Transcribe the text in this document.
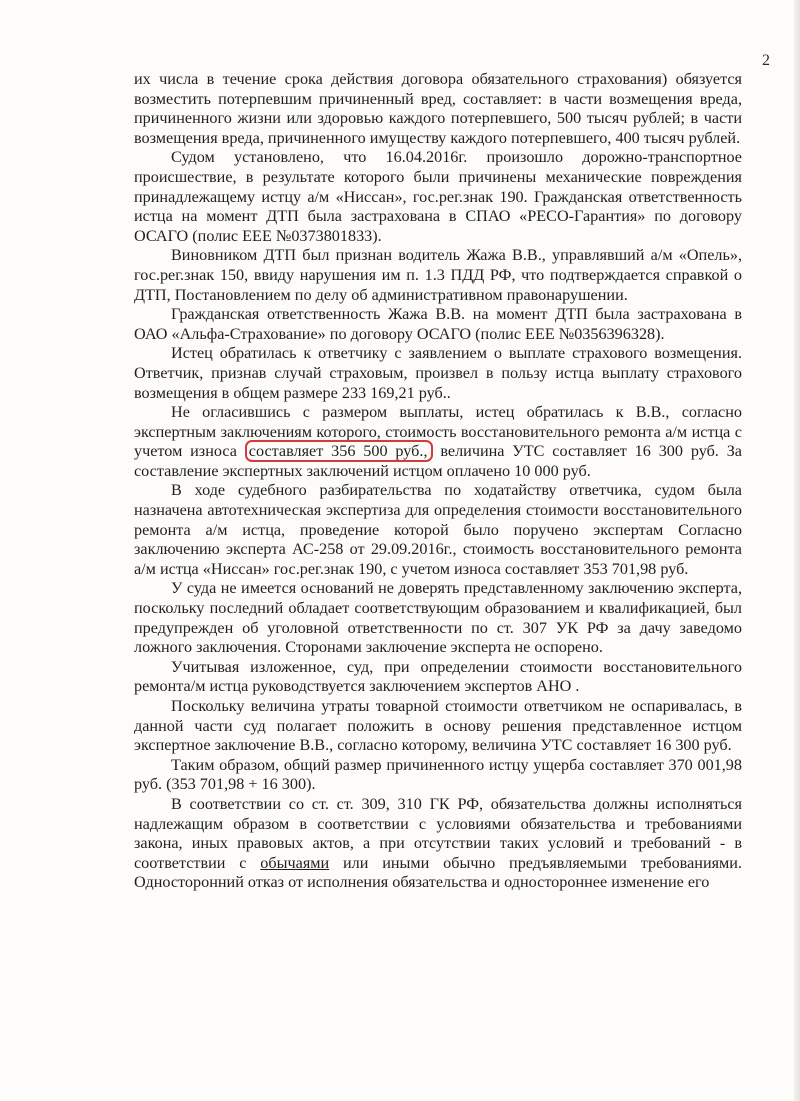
2

их числа в течение срока действия договора обязательного страхования) обязуется возместить потерпевшим причиненный вред, составляет: в части возмещения вреда, причиненного жизни или здоровью каждого потерпевшего, 500 тысяч рублей; в части возмещения вреда, причиненного имуществу каждого потерпевшего, 400 тысяч рублей.

Судом установлено, что 16.04.2016г. произошло дорожно-транспортное происшествие, в результате которого были причинены механические повреждения принадлежащему истцу а/м «Ниссан», гос.рег.знак 190. Гражданская ответственность истца на момент ДТП была застрахована в СПАО «РЕСО-Гарантия» по договору ОСАГО (полис ЕЕЕ №0373801833).

Виновником ДТП был признан водитель Жажа В.В., управлявший а/м «Опель», гос.рег.знак 150, ввиду нарушения им п. 1.3 ПДД РФ, что подтверждается справкой о ДТП, Постановлением по делу об административном правонарушении.

Гражданская ответственность Жажа В.В. на момент ДТП была застрахована в ОАО «Альфа-Страхование» по договору ОСАГО (полис ЕЕЕ №0356396328).

Истец обратилась к ответчику с заявлением о выплате страхового возмещения. Ответчик, признав случай страховым, произвел в пользу истца выплату страхового возмещения в общем размере 233 169,21 руб..

Не огласившись с размером выплаты, истец обратилась к В.В., согласно экспертным заключениям которого, стоимость восстановительного ремонта а/м истца с учетом износа составляет 356 500 руб., величина УТС составляет 16 300 руб. За составление экспертных заключений истцом оплачено 10 000 руб.

В ходе судебного разбирательства по ходатайству ответчика, судом была назначена автотехническая экспертиза для определения стоимости восстановительного ремонта а/м истца, проведение которой было поручено экспертам Согласно заключению эксперта АС-258 от 29.09.2016г., стоимость восстановительного ремонта а/м истца «Ниссан» гос.рег.знак 190, с учетом износа составляет 353 701,98 руб.

У суда не имеется оснований не доверять представленному заключению эксперта, поскольку последний обладает соответствующим образованием и квалификацией, был предупрежден об уголовной ответственности по ст. 307 УК РФ за дачу заведомо ложного заключения. Сторонами заключение эксперта не оспорено.

Учитывая изложенное, суд, при определении стоимости восстановительного ремонта/м истца руководствуется заключением экспертов АНО .

Поскольку величина утраты товарной стоимости ответчиком не оспаривалась, в данной части суд полагает положить в основу решения представленное истцом экспертное заключение В.В., согласно которому, величина УТС составляет 16 300 руб.

Таким образом, общий размер причиненного истцу ущерба составляет 370 001,98 руб. (353 701,98 + 16 300).

В соответствии со ст. ст. 309, 310 ГК РФ, обязательства должны исполняться надлежащим образом в соответствии с условиями обязательства и требованиями закона, иных правовых актов, а при отсутствии таких условий и требований - в соответствии с обычаями или иными обычно предъявляемыми требованиями. Односторонний отказ от исполнения обязательства и одностороннее изменение его
